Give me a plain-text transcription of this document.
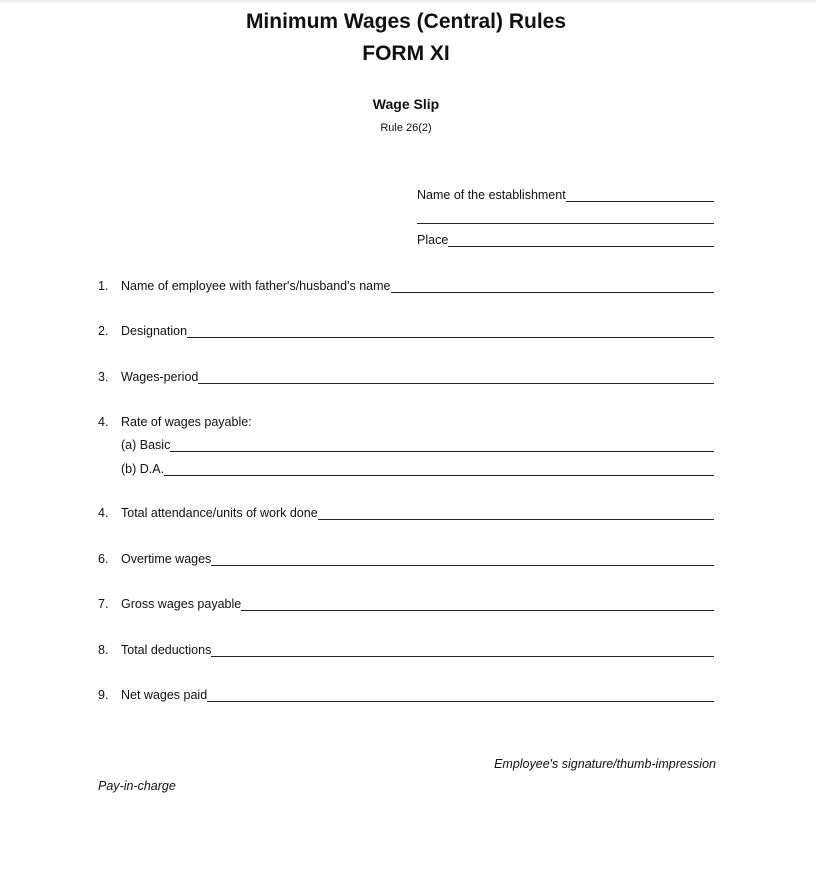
Minimum Wages (Central) Rules
FORM XI
Wage Slip
Rule 26(2)
Name of the establishment
Place
1.	Name of employee with father's/husband's name
2.	Designation
3.	Wages-period
4.	Rate of wages payable:
(a) Basic
(b) D.A.
4.	Total attendance/units of work done
6.	Overtime wages
7.	Gross wages payable
8.	Total deductions
9.	Net wages paid
Employee's signature/thumb-impression
Pay-in-charge
